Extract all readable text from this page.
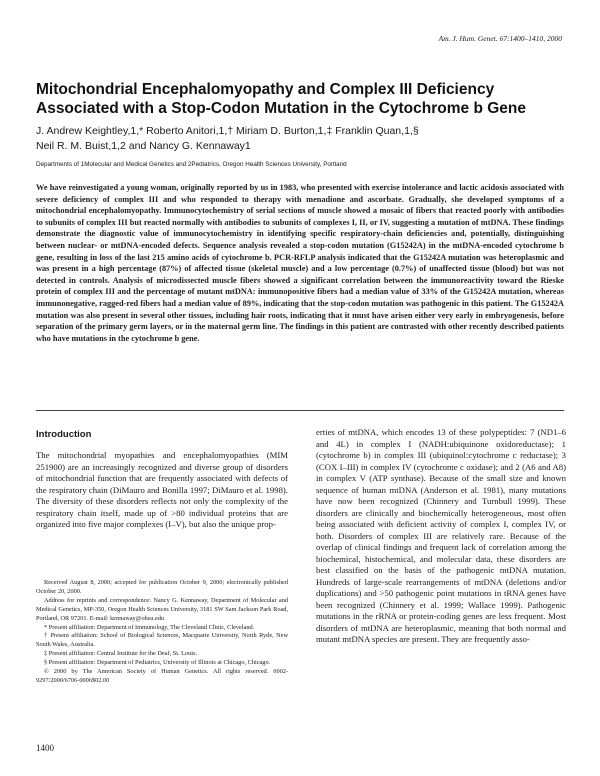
Am. J. Hum. Genet. 67:1400–1410, 2000
Mitochondrial Encephalomyopathy and Complex III Deficiency Associated with a Stop-Codon Mutation in the Cytochrome b Gene
J. Andrew Keightley,1,* Roberto Anitori,1,† Miriam D. Burton,1,‡ Franklin Quan,1,§
Neil R. M. Buist,1,2 and Nancy G. Kennaway1
Departments of 1Molecular and Medical Genetics and 2Pediatrics, Oregon Health Sciences University, Portland

We have reinvestigated a young woman, originally reported by us in 1983, who presented with exercise intolerance and lactic acidosis associated with severe deficiency of complex III and who responded to therapy with menadione and ascorbate. Gradually, she developed symptoms of a mitochondrial encephalomyopathy. Immunocytochemistry of serial sections of muscle showed a mosaic of fibers that reacted poorly with antibodies to subunits of complex III but reacted normally with antibodies to subunits of complexes I, II, or IV, suggesting a mutation of mtDNA. These findings demonstrate the diagnostic value of immunocytochemistry in identifying specific respiratory-chain deficiencies and, potentially, distinguishing between nuclear- or mtDNA-encoded defects. Sequence analysis revealed a stop-codon mutation (G15242A) in the mtDNA-encoded cytochrome b gene, resulting in loss of the last 215 amino acids of cytochrome b. PCR-RFLP analysis indicated that the G15242A mutation was heteroplasmic and was present in a high percentage (87%) of affected tissue (skeletal muscle) and a low percentage (0.7%) of unaffected tissue (blood) but was not detected in controls. Analysis of microdissected muscle fibers showed a significant correlation between the immunoreactivity toward the Rieske protein of complex III and the percentage of mutant mtDNA: immunopositive fibers had a median value of 33% of the G15242A mutation, whereas immunonegative, ragged-red fibers had a median value of 89%, indicating that the stop-codon mutation was pathogenic in this patient. The G15242A mutation was also present in several other tissues, including hair roots, indicating that it must have arisen either very early in embryogenesis, before separation of the primary germ layers, or in the maternal germ line. The findings in this patient are contrasted with other recently described patients who have mutations in the cytochrome b gene.

Introduction

The mitochondrial myopathies and encephalomyopathies (MIM 251900) are an increasingly recognized and diverse group of disorders of mitochondrial function that are frequently associated with defects of the respiratory chain (DiMauro and Bonilla 1997; DiMauro et al. 1998). The diversity of these disorders reflects not only the complexity of the respiratory chain itself, made up of >80 individual proteins that are organized into five major complexes (I–V), but also the unique prop-

Received August 8, 2000; accepted for publication October 9, 2000; electronically published October 20, 2000.

Address for reprints and correspondence: Nancy G. Kennaway, Department of Molecular and Medical Genetics, MP-350, Oregon Health Sciences University, 3181 SW Sam Jackson Park Road, Portland, OR 97201. E-mail: kennaway@ohsu.edu

* Present affiliation: Department of Immunology, The Cleveland Clinic, Cleveland.

† Present affiliation: School of Biological Sciences, Macquarie University, North Ryde, New South Wales, Australia.

‡ Present affiliation: Central Institute for the Deaf, St. Louis.

§ Present affiliation: Department of Pediatrics, University of Illinois at Chicago, Chicago.

© 2000 by The American Society of Human Genetics. All rights reserved. 0002-9297/2000/6706-0006$02.00

erties of mtDNA, which encodes 13 of these polypeptides: 7 (ND1–6 and 4L) in complex I (NADH:ubiquinone oxidoreductase); 1 (cytochrome b) in complex III (ubiquinol:cytochrome c reductase); 3 (COX I–III) in complex IV (cytochrome c oxidase); and 2 (A6 and A8) in complex V (ATP synthase). Because of the small size and known sequence of human mtDNA (Anderson et al. 1981), many mutations have now been recognized (Chinnery and Turnbull 1999). These disorders are clinically and biochemically heterogeneous, most often being associated with deficient activity of complex I, complex IV, or both. Disorders of complex III are relatively rare. Because of the overlap of clinical findings and frequent lack of correlation among the biochemical, histochemical, and molecular data, these disorders are best classified on the basis of the pathogenic mtDNA mutation. Hundreds of large-scale rearrangements of mtDNA (deletions and/or duplications) and >50 pathogenic point mutations in tRNA genes have been recognized (Chinnery et al. 1999; Wallace 1999). Pathogenic mutations in the rRNA or protein-coding genes are less frequent. Most disorders of mtDNA are heteroplasmic, meaning that both normal and mutant mtDNA species are present. They are frequently asso-

1400
